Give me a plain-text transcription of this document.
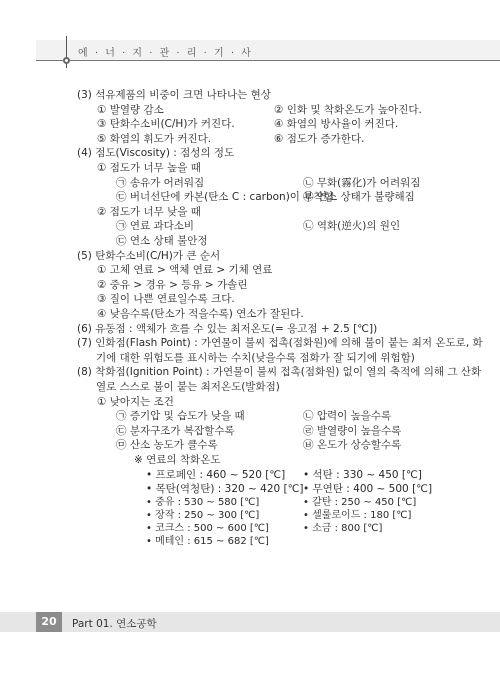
에 · 너 · 지 · 관 · 리 · 기 · 사
20	Part 01. 연소공학
(3) 석유제품의 비중이 크면 나타나는 현상
① 발열량 감소	② 인화 및 착화온도가 높아진다.
③ 탄화수소비(C/H)가 커진다.	④ 화염의 방사율이 커진다.
⑤ 화염의 휘도가 커진다.	⑥ 점도가 증가한다.
(4) 점도(Viscosity) : 점성의 정도
① 점도가 너무 높을 때
㉠ 송유가 어려워짐	㉡ 무화(霧化)가 어려워짐
㉢ 버너선단에 카본(탄소 C : carbon)이 부착함
㉣ 연소 상태가 불량해짐
② 점도가 너무 낮을 때
㉠ 연료 과다소비	㉡ 역화(逆火)의 원인
㉢ 연소 상태 불안정
(5) 탄화수소비(C/H)가 큰 순서
① 고체 연료 > 액체 연료 > 기체 연료
② 중유 > 경유 > 등유 > 가솔린
③ 질이 나쁜 연료일수록 크다.
④ 낮음수록(탄소가 적을수록) 연소가 잘된다.
(6) 유동점 : 액체가 흐를 수 있는 최저온도(= 응고점 + 2.5 [℃])
(7) 인화점(Flash Point) : 가연물이 불씨 접촉(점화원)에 의해 불이 붙는 최저 온도로, 화
기에 대한 위험도를 표시하는 수치(낮을수록 점화가 잘 되기에 위험함)
(8) 착화점(Ignition Point) : 가연물이 불씨 접촉(점화원) 없이 열의 축적에 의해 그 산화
열로 스스로 불이 붙는 최저온도(발화점)
① 낮아지는 조건
㉠ 증기압 및 습도가 낮을 때	㉡ 압력이 높을수록
㉢ 분자구조가 복잡할수록	㉣ 발열량이 높을수록
㉤ 산소 농도가 클수록	㉥ 온도가 상승할수록
※ 연료의 착화온도
• 프로페인 : 460 ~ 520 [℃] • 석탄 : 330 ~ 450 [℃]
• 목탄(역청탄) : 320 ~ 420 [℃] • 무연탄 : 400 ~ 500 [℃]
• 중유 : 530 ~ 580 [℃]	• 갈탄 : 250 ~ 450 [℃]
• 장작 : 250 ~ 300 [℃]	• 셀룰로이드 : 180 [℃]
• 코크스 : 500 ~ 600 [℃]	• 소금 : 800 [℃]
• 메테인 : 615 ~ 682 [℃]
